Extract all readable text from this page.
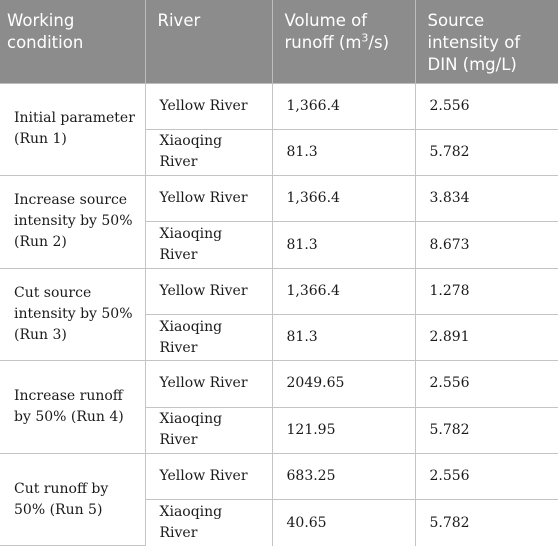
Working condition	River	Volume of runoff $(m^3/s)$	Source intensity of DIN (mg/L)
Initial parameter (Run 1)	Yellow River	1,366.4	2.556
	Xiaoqing River	81.3	5.782
Increase source intensity by 50% (Run 2)	Yellow River	1,366.4	3.834
	Xiaoqing River	81.3	8.673
Cut source intensity by 50% (Run 3)	Yellow River	1,366.4	1.278
	Xiaoqing River	81.3	2.891
Increase runoff by 50% (Run 4)	Yellow River	2049.65	2.556
	Xiaoqing River	121.95	5.782
Cut runoff by 50% (Run 5)	Yellow River	683.25	2.556
	Xiaoqing River	40.65	5.782
